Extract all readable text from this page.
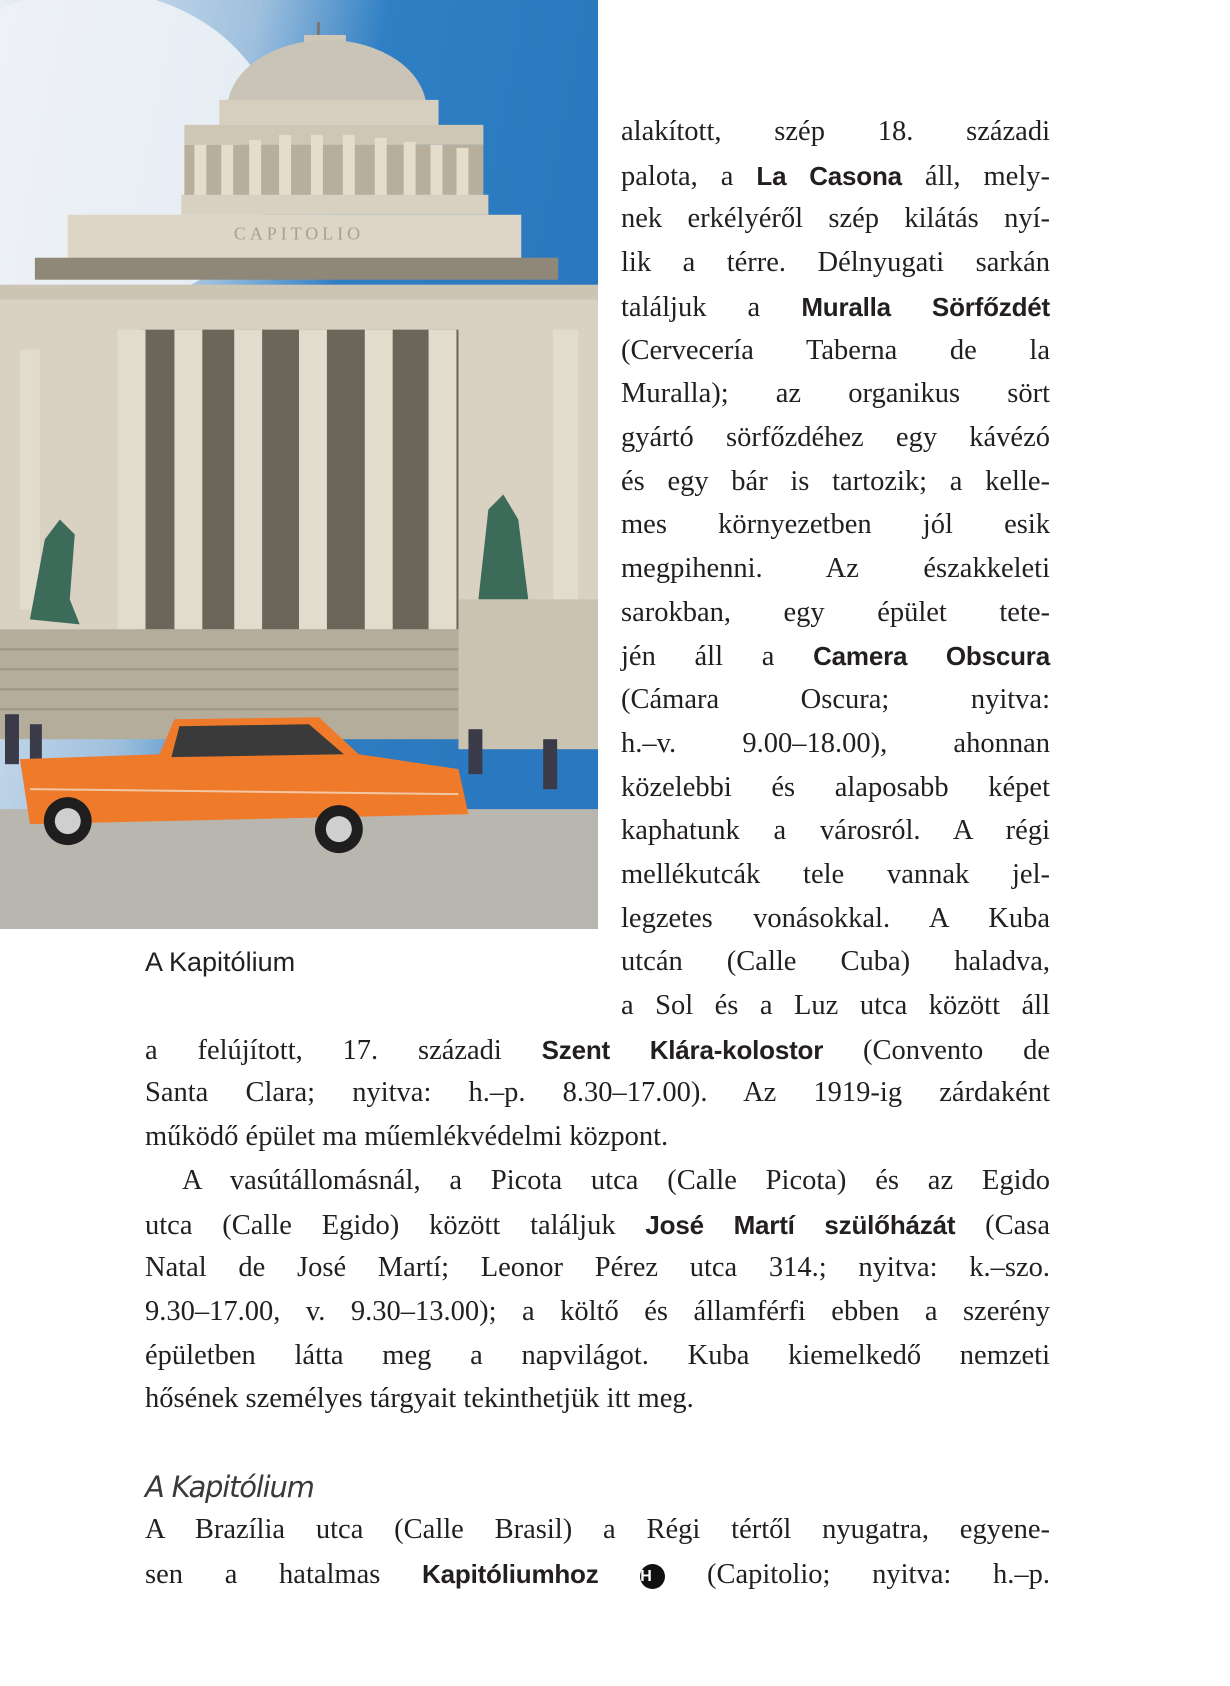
CAPITOLIO
A Kapitólium
alakított, szép 18. századi
palota, a La Casona áll, mely-
nek erkélyéről szép kilátás nyí-
lik a térre. Délnyugati sarkán
találjuk a Muralla Sörfőzdét
(Cervecería Taberna de la
Muralla); az organikus sört
gyártó sörfőzdéhez egy kávézó
és egy bár is tartozik; a kelle-
mes környezetben jól esik
megpihenni. Az északkeleti
sarokban, egy épület tete-
jén áll a Camera Obscura
(Cámara Oscura; nyitva:
h.–v. 9.00–18.00), ahonnan
közelebbi és alaposabb képet
kaphatunk a városról. A régi
mellékutcák tele vannak jel-
legzetes vonásokkal. A Kuba
utcán (Calle Cuba) haladva,
a Sol és a Luz utca között áll
a felújított, 17. századi Szent Klára-kolostor (Convento de
Santa Clara; nyitva: h.–p. 8.30–17.00). Az 1919-ig zárdaként
működő épület ma műemlékvédelmi központ.
A vasútállomásnál, a Picota utca (Calle Picota) és az Egido
utca (Calle Egido) között találjuk José Martí szülőházát (Casa
Natal de José Martí; Leonor Pérez utca 314.; nyitva: k.–szo.
9.30–17.00, v. 9.30–13.00); a költő és államférfi ebben a szerény
épületben látta meg a napvilágot. Kuba kiemelkedő nemzeti
hősének személyes tárgyait tekinthetjük itt meg.
A Brazília utca (Calle Brasil) a Régi tértől nyugatra, egyene-
sen a hatalmas Kapitóliumhoz	H (Capitolio; nyitva: h.–p.
A Kapitólium
